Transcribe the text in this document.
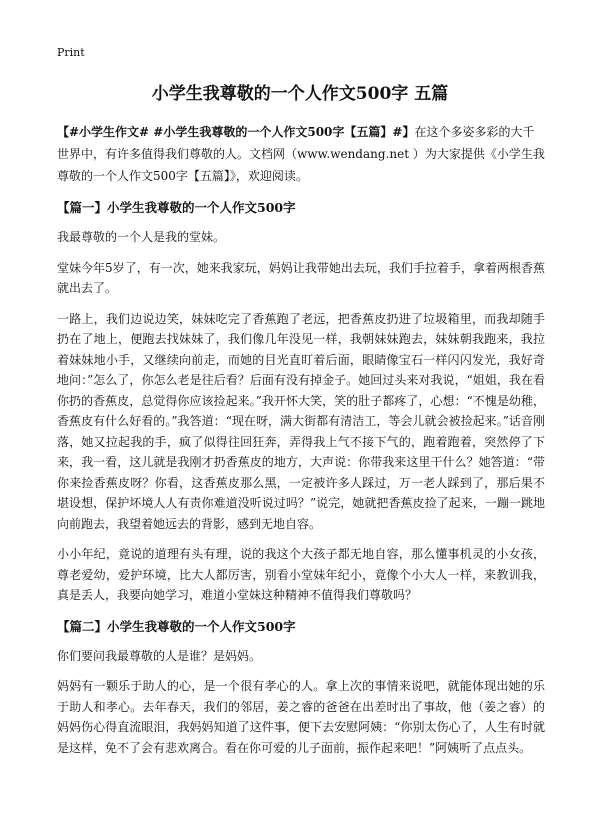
Print
小学生我尊敬的一个人作文500字 五篇

【#小学生作文# #小学生我尊敬的一个人作文500字【五篇】#】在这个多姿多彩的大千世界中，有许多值得我们尊敬的人。文档网（www.wendang.net ）为大家提供《小学生我尊敬的一个人作文500字【五篇】》，欢迎阅读。

【篇一】小学生我尊敬的一个人作文500字

我最尊敬的一个人是我的堂妹。

堂妹今年5岁了，有一次，她来我家玩，妈妈让我带她出去玩，我们手拉着手，拿着两根香蕉就出去了。

一路上，我们边说边笑，妹妹吃完了香蕉跑了老远，把香蕉皮扔进了垃圾箱里，而我却随手扔在了地上，便跑去找妹妹了，我们像几年没见一样，我朝妹妹跑去，妹妹朝我跑来，我拉着妹妹地小手，又继续向前走，而她的目光直盯着后面，眼睛像宝石一样闪闪发光，我好奇地问：”怎么了，你怎么老是往后看？后面有没有掉金子。她回过头来对我说，“姐姐，我在看你扔的香蕉皮，总觉得你应该捡起来。”我开怀大笑，笑的肚子都疼了，心想：“不愧是幼稚，香蕉皮有什么好看的。”我答道：“现在呀，满大街都有清洁工，等会儿就会被捡起来。”话音刚落，她又拉起我的手，疯了似得往回狂奔，弄得我上气不接下气的，跑着跑着，突然停了下来，我一看，这儿就是我刚才扔香蕉皮的地方，大声说：你带我来这里干什么？她答道：“带你来捡香蕉皮呀？你看，这香蕉皮那么黑，一定被许多人踩过，万一老人踩到了，那后果不堪设想，保护坏境人人有责你难道没听说过吗？”说完，她就把香蕉皮捡了起来，一蹦一跳地向前跑去，我望着她远去的背影，感到无地自容。

小小年纪，竟说的道理有头有理，说的我这个大孩子都无地自容，那么懂事机灵的小女孩，尊老爱幼，爱护环境，比大人都厉害，别看小堂妹年纪小，竟像个小大人一样，来教训我，真是丢人，我要向她学习，难道小堂妹这种精神不值得我们尊敬吗？

【篇二】小学生我尊敬的一个人作文500字

你们要问我最尊敬的人是谁？是妈妈。

妈妈有一颗乐于助人的心，是一个很有孝心的人。拿上次的事情来说吧，就能体现出她的乐于助人和孝心。去年春天，我们的邻居，姜之睿的爸爸在出差时出了事故，他（姜之睿）的妈妈伤心得直流眼泪，我妈妈知道了这件事，便下去安慰阿姨：“你别太伤心了，人生有时就是这样，免不了会有悲欢离合。看在你可爱的儿子面前，振作起来吧！”阿姨听了点点头。
